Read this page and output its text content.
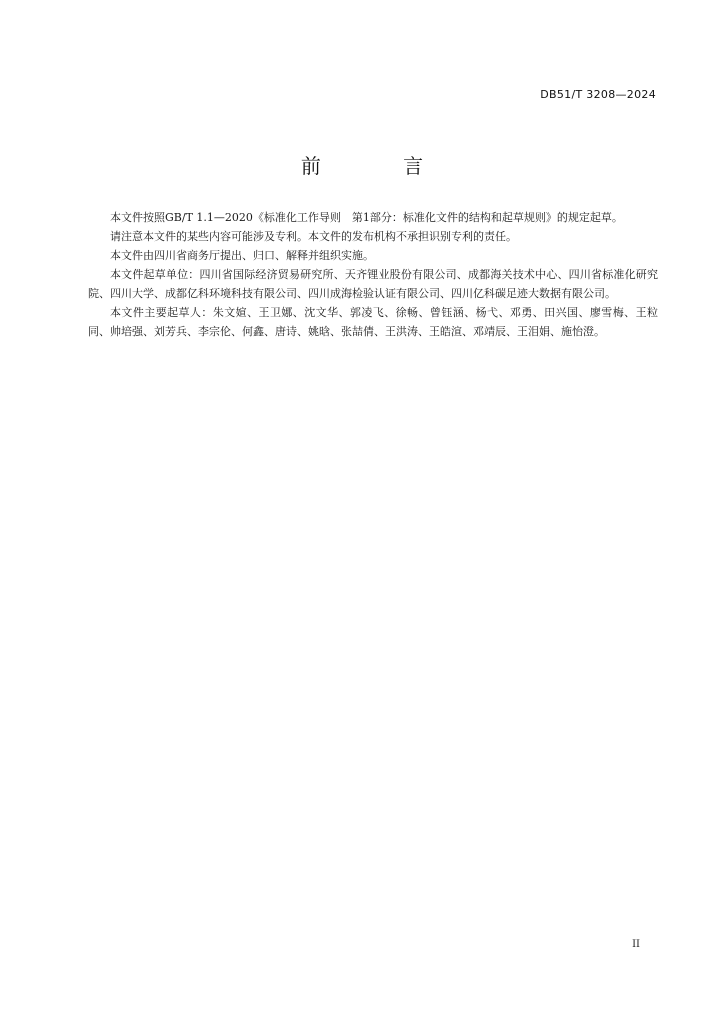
DB51/T 3208—2024
前 言

本文件按照GB/T 1.1—2020《标准化工作导则　第1部分：标准化文件的结构和起草规则》的规定起草。

请注意本文件的某些内容可能涉及专利。本文件的发布机构不承担识别专利的责任。

本文件由四川省商务厅提出、归口、解释并组织实施。

本文件起草单位：四川省国际经济贸易研究所、天齐锂业股份有限公司、成都海关技术中心、四川省标准化研究院、四川大学、成都亿科环境科技有限公司、四川成海检验认证有限公司、四川亿科碳足迹大数据有限公司。

本文件主要起草人：朱文媗、王卫娜、沈文华、郭凌飞、徐畅、曾钰涵、杨弋、邓勇、田兴国、廖雪梅、王粒同、帅培强、刘芳兵、李宗伦、何鑫、唐诗、姚晗、张喆倩、王洪涛、王皓渲、邓靖辰、王泪娟、施怡澄。

II
